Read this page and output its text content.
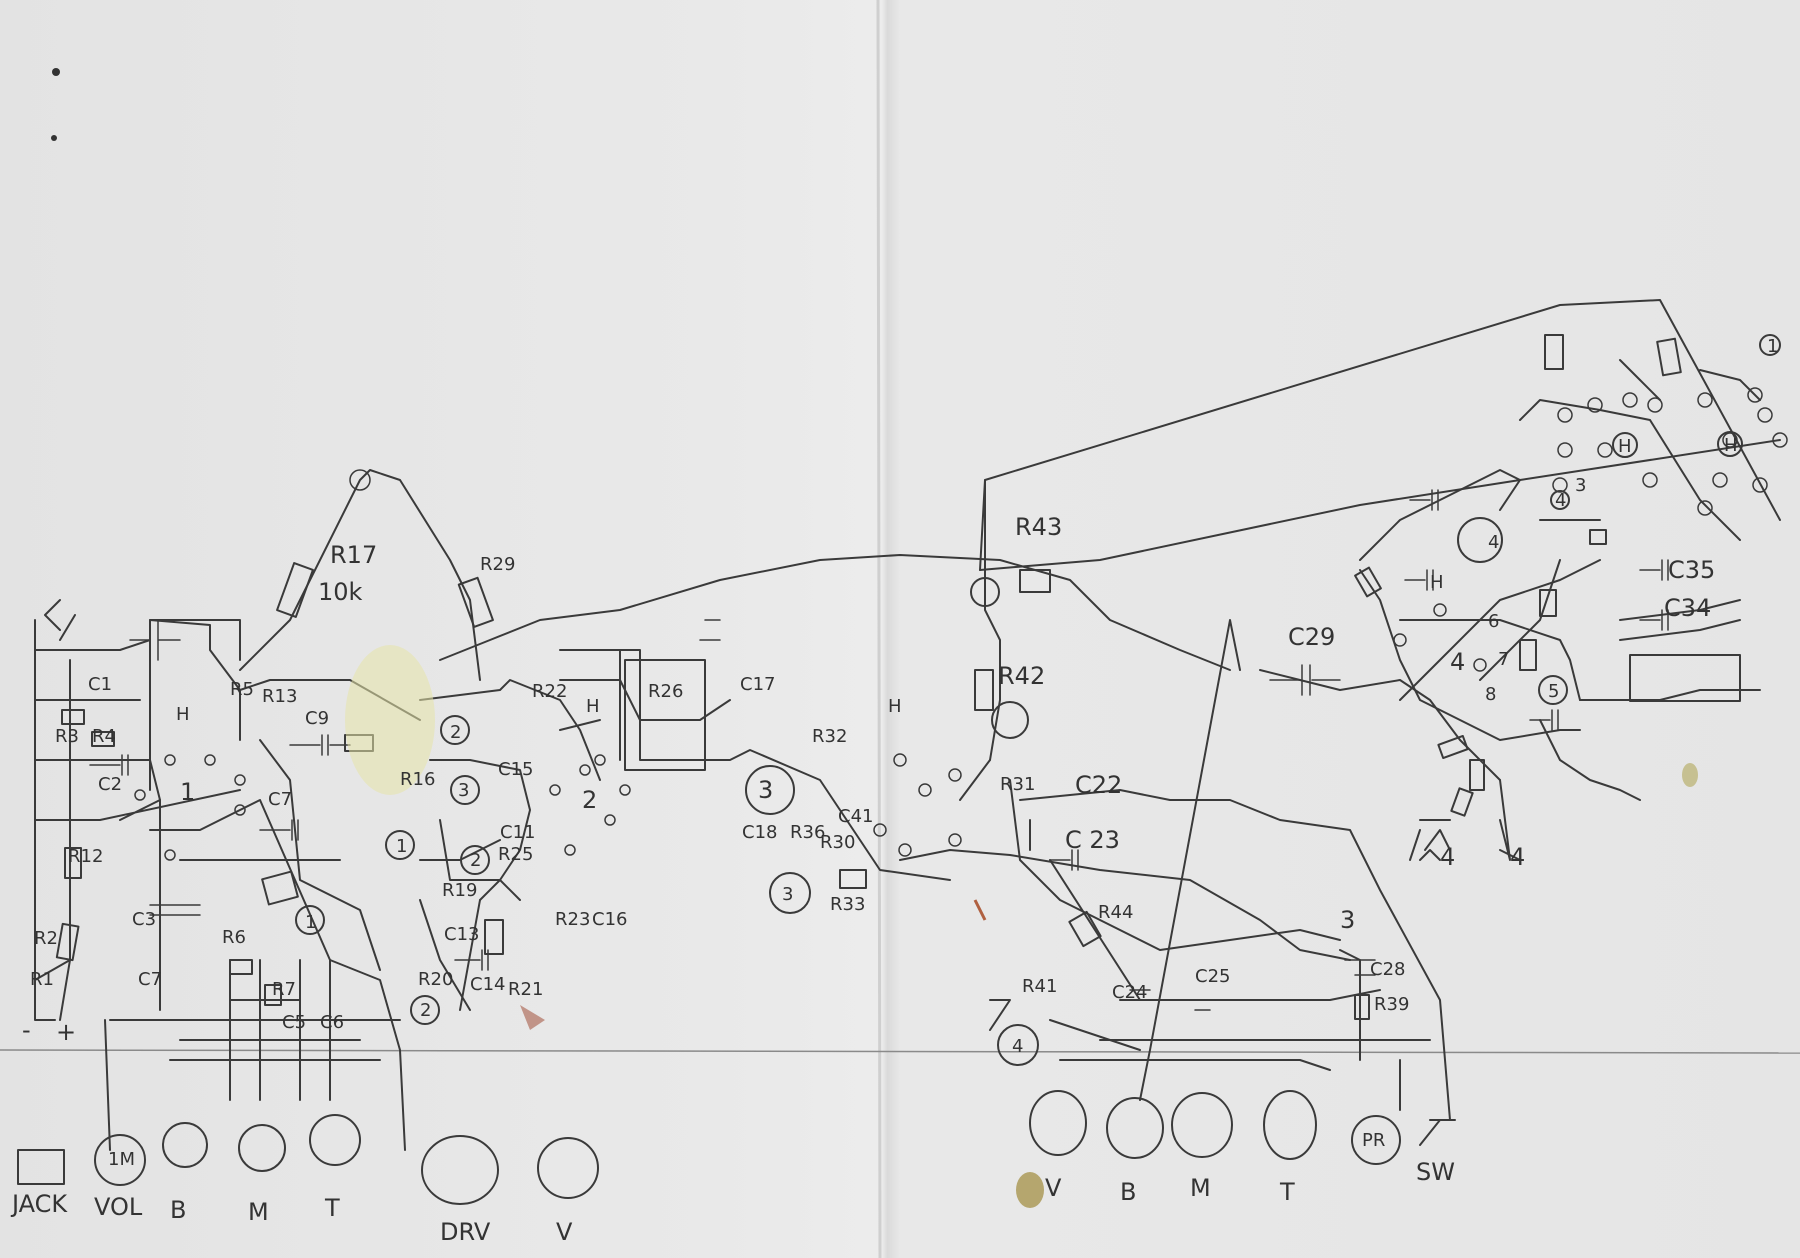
C1
R3 R4
C2
R12
R2
R1
C3
R5 R13
C9
R17
10k
R29
R16	C15
R22	R26	C17
C7
R6
R7
C5 C6
C7
R19
C13
R20 C14 R21
C16
R23
C11
R25
R32
C18 R36
C41
R30
R33
R43
R42
R31 C22
C 23
C29
R44
R41	C24
C25	C28
R39
C35
C34
1
1
1
2
2
2
2
3	3
3
3
4
4
4
4 4
5
8
6
H	H	H
H
H	H
1
3
4
7
- +
1M
PR
JACK VOL B	M T
DRV	V
V B M	T
SW
